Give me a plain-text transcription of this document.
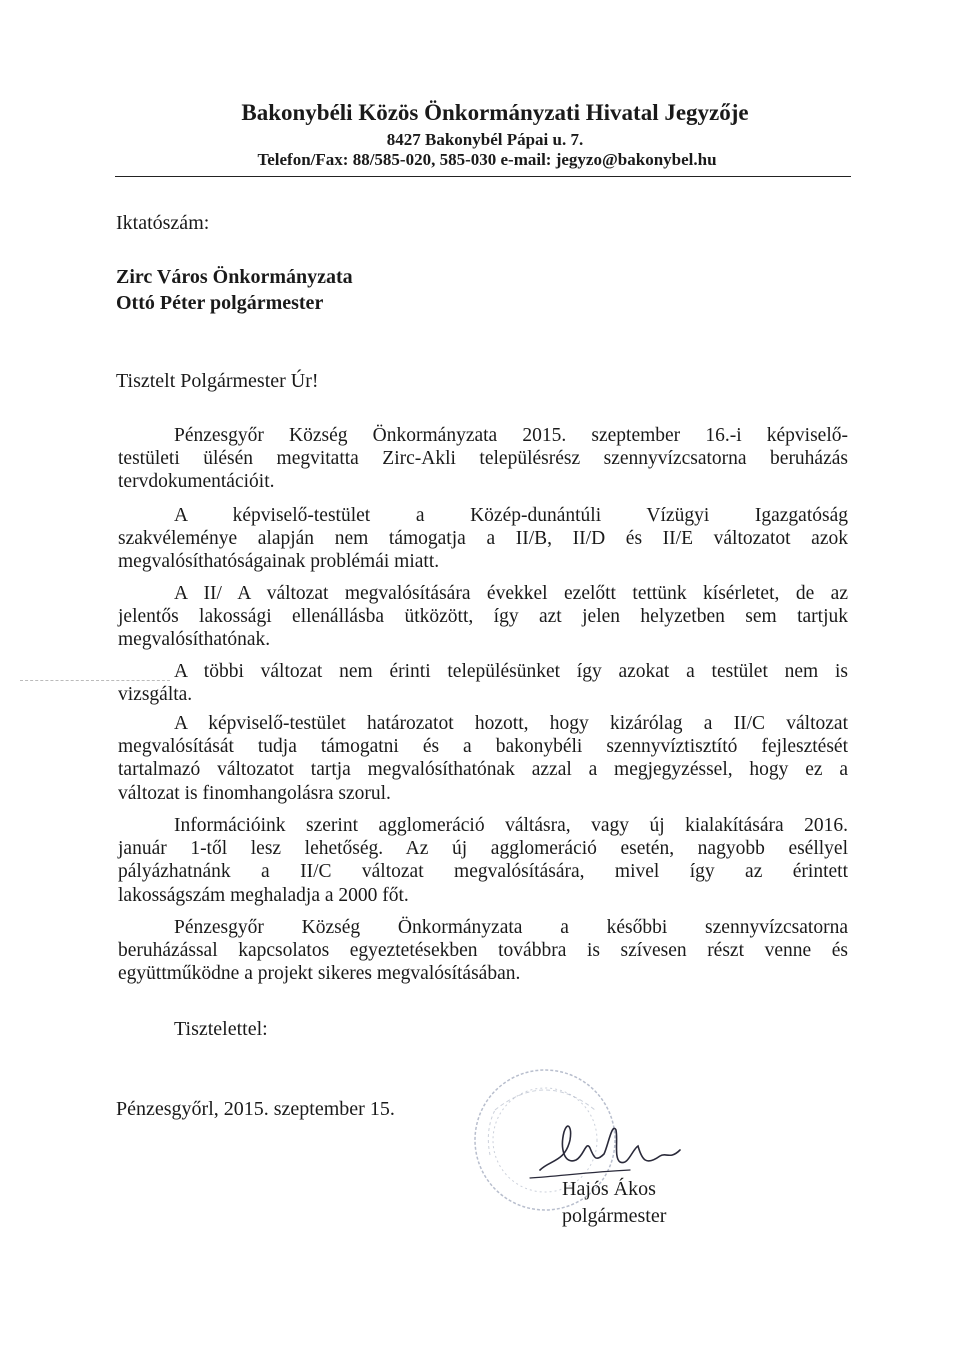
Bakonybéli Közös Önkormányzati Hivatal Jegyzője
8427 Bakonybél Pápai u. 7.
Telefon/Fax: 88/585-020, 585-030 e-mail: jegyzo@bakonybel.hu
Iktatószám:
Zirc Város Önkormányzata
Ottó Péter polgármester
Tisztelt Polgármester Úr!
Pénzesgyőr Község Önkormányzata 2015. szeptember 16.-i képviselő-
testületi ülésén megvitatta Zirc-Akli településrész szennyvízcsatorna beruházás
tervdokumentációit.
A képviselő-testület a Közép-dunántúli Vízügyi Igazgatóság
szakvéleménye alapján nem támogatja a II/B, II/D és II/E változatot azok
megvalósíthatóságainak problémái miatt.
A II/ A változat megvalósítására évekkel ezelőtt tettünk kísérletet, de az
jelentős lakossági ellenállásba ütközött, így azt jelen helyzetben sem tartjuk
megvalósíthatónak.
A többi változat nem érinti településünket így azokat a testület nem is
vizsgálta.
A képviselő-testület határozatot hozott, hogy kizárólag a II/C változat
megvalósítását tudja támogatni és a bakonybéli szennyvíztisztító fejlesztését
tartalmazó változatot tartja megvalósíthatónak azzal a megjegyzéssel, hogy ez a
változat is finomhangolásra szorul.
Információink szerint agglomeráció váltásra, vagy új kialakítására 2016.
január 1-től lesz lehetőség. Az új agglomeráció esetén, nagyobb eséllyel
pályázhatnánk a II/C változat megvalósítására, mivel így az érintett
lakosságszám meghaladja a 2000 főt.
Pénzesgyőr Község Önkormányzata a későbbi szennyvízcsatorna
beruházással kapcsolatos egyeztetésekben továbbra is szívesen részt venne és
együttműködne a projekt sikeres megvalósításában.
Tisztelettel:
Pénzesgyőrl, 2015. szeptember 15.
Hajós Ákos
polgármester
